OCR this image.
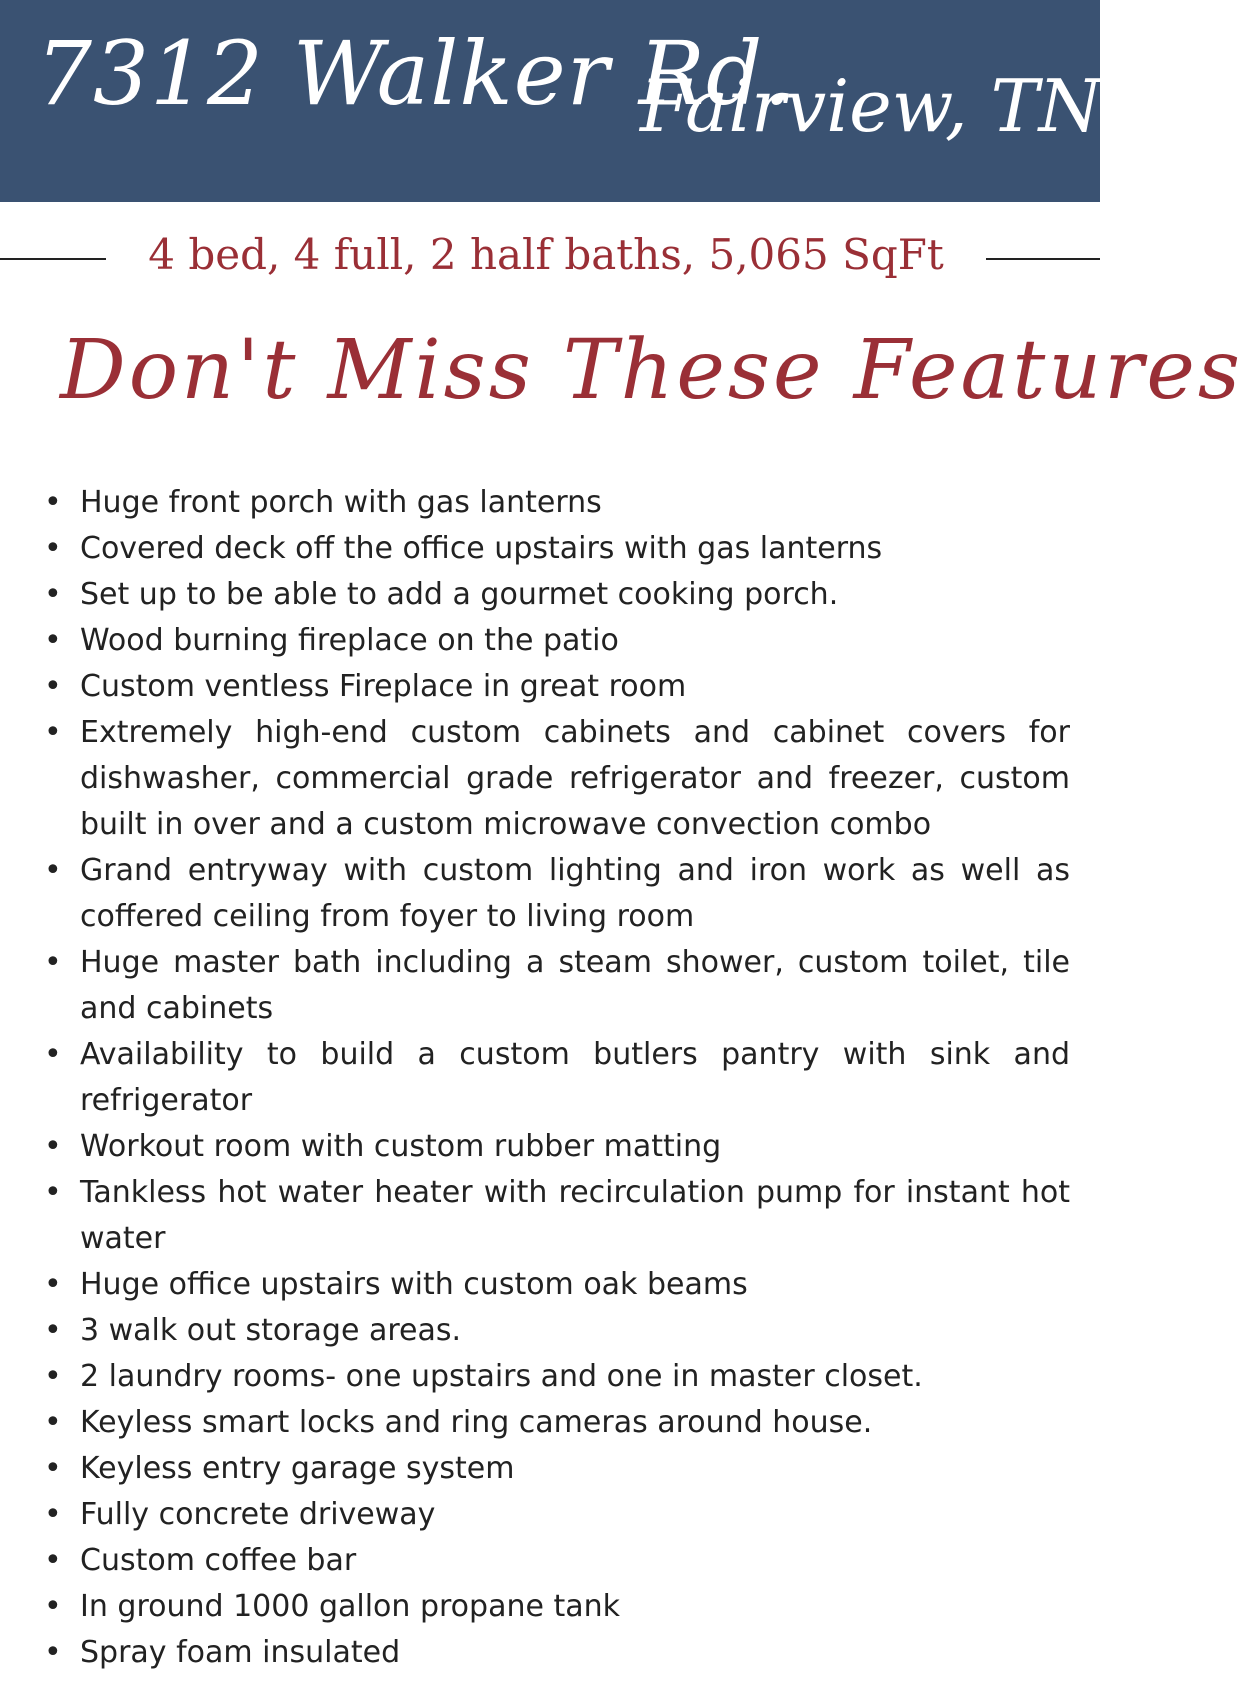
7312 Walker Rd.
Fairview, TN
4 bed, 4 full, 2 half baths, 5,065 SqFt
Don't Miss These Features
• Huge front porch with gas lanterns
• Covered deck off the office upstairs with gas lanterns
• Set up to be able to add a gourmet cooking porch.
• Wood burning fireplace on the patio
• Custom ventless Fireplace in great room
• Extremely high-end custom cabinets and cabinet covers for dishwasher, commercial grade refrigerator and freezer, custom built in over and a custom microwave convection combo
• Grand entryway with custom lighting and iron work as well as coffered ceiling from foyer to living room
• Huge master bath including a steam shower, custom toilet, tile and cabinets
• Availability to build a custom butlers pantry with sink and refrigerator
• Workout room with custom rubber matting
• Tankless hot water heater with recirculation pump for instant hot water
• Huge office upstairs with custom oak beams
• 3 walk out storage areas.
• 2 laundry rooms- one upstairs and one in master closet.
• Keyless smart locks and ring cameras around house.
• Keyless entry garage system
• Fully concrete driveway
• Custom coffee bar
• In ground 1000 gallon propane tank
• Spray foam insulated
